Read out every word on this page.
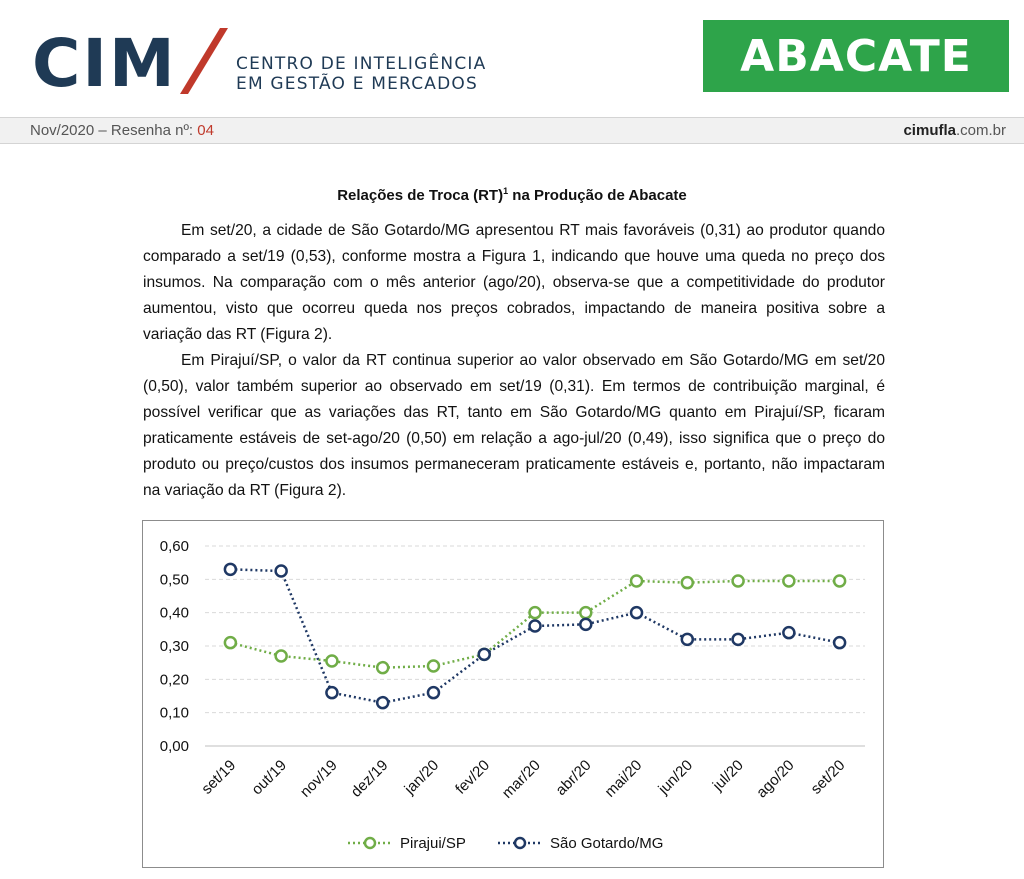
CIM	CENTRO DE INTELIGÊNCIA
EM GESTÃO E MERCADOS
ABACATE
Nov/2020 – Resenha nº: 04	cimufla.com.br
Relações de Troca (RT)$^1$ na Produção de Abacate

Em set/20, a cidade de São Gotardo/MG apresentou RT mais favoráveis (0,31) ao produtor quando comparado a set/19 (0,53), conforme mostra a Figura 1, indicando que houve uma queda no preço dos insumos. Na comparação com o mês anterior (ago/20), observa-se que a competitividade do produtor aumentou, visto que ocorreu queda nos preços cobrados, impactando de maneira positiva sobre a variação das RT (Figura 2).

Em Pirajuí/SP, o valor da RT continua superior ao valor observado em São Gotardo/MG em set/20 (0,50), valor também superior ao observado em set/19 (0,31). Em termos de contribuição marginal, é possível verificar que as variações das RT, tanto em São Gotardo/MG quanto em Pirajuí/SP, ficaram praticamente estáveis de set-ago/20 (0,50) em relação a ago-jul/20 (0,49), isso significa que o preço do produto ou preço/custos dos insumos permaneceram praticamente estáveis e, portanto, não impactaram na variação da RT (Figura 2).

0,00
0,10
0,20
0,30
0,40
0,50
0,60
set/19 out/19 nov/19 dez/19 jan/20 fev/20 mar/20 abr/20 mai/20 jun/20 jul/20 ago/20 set/20
Pirajui/SP	São Gotardo/MG
